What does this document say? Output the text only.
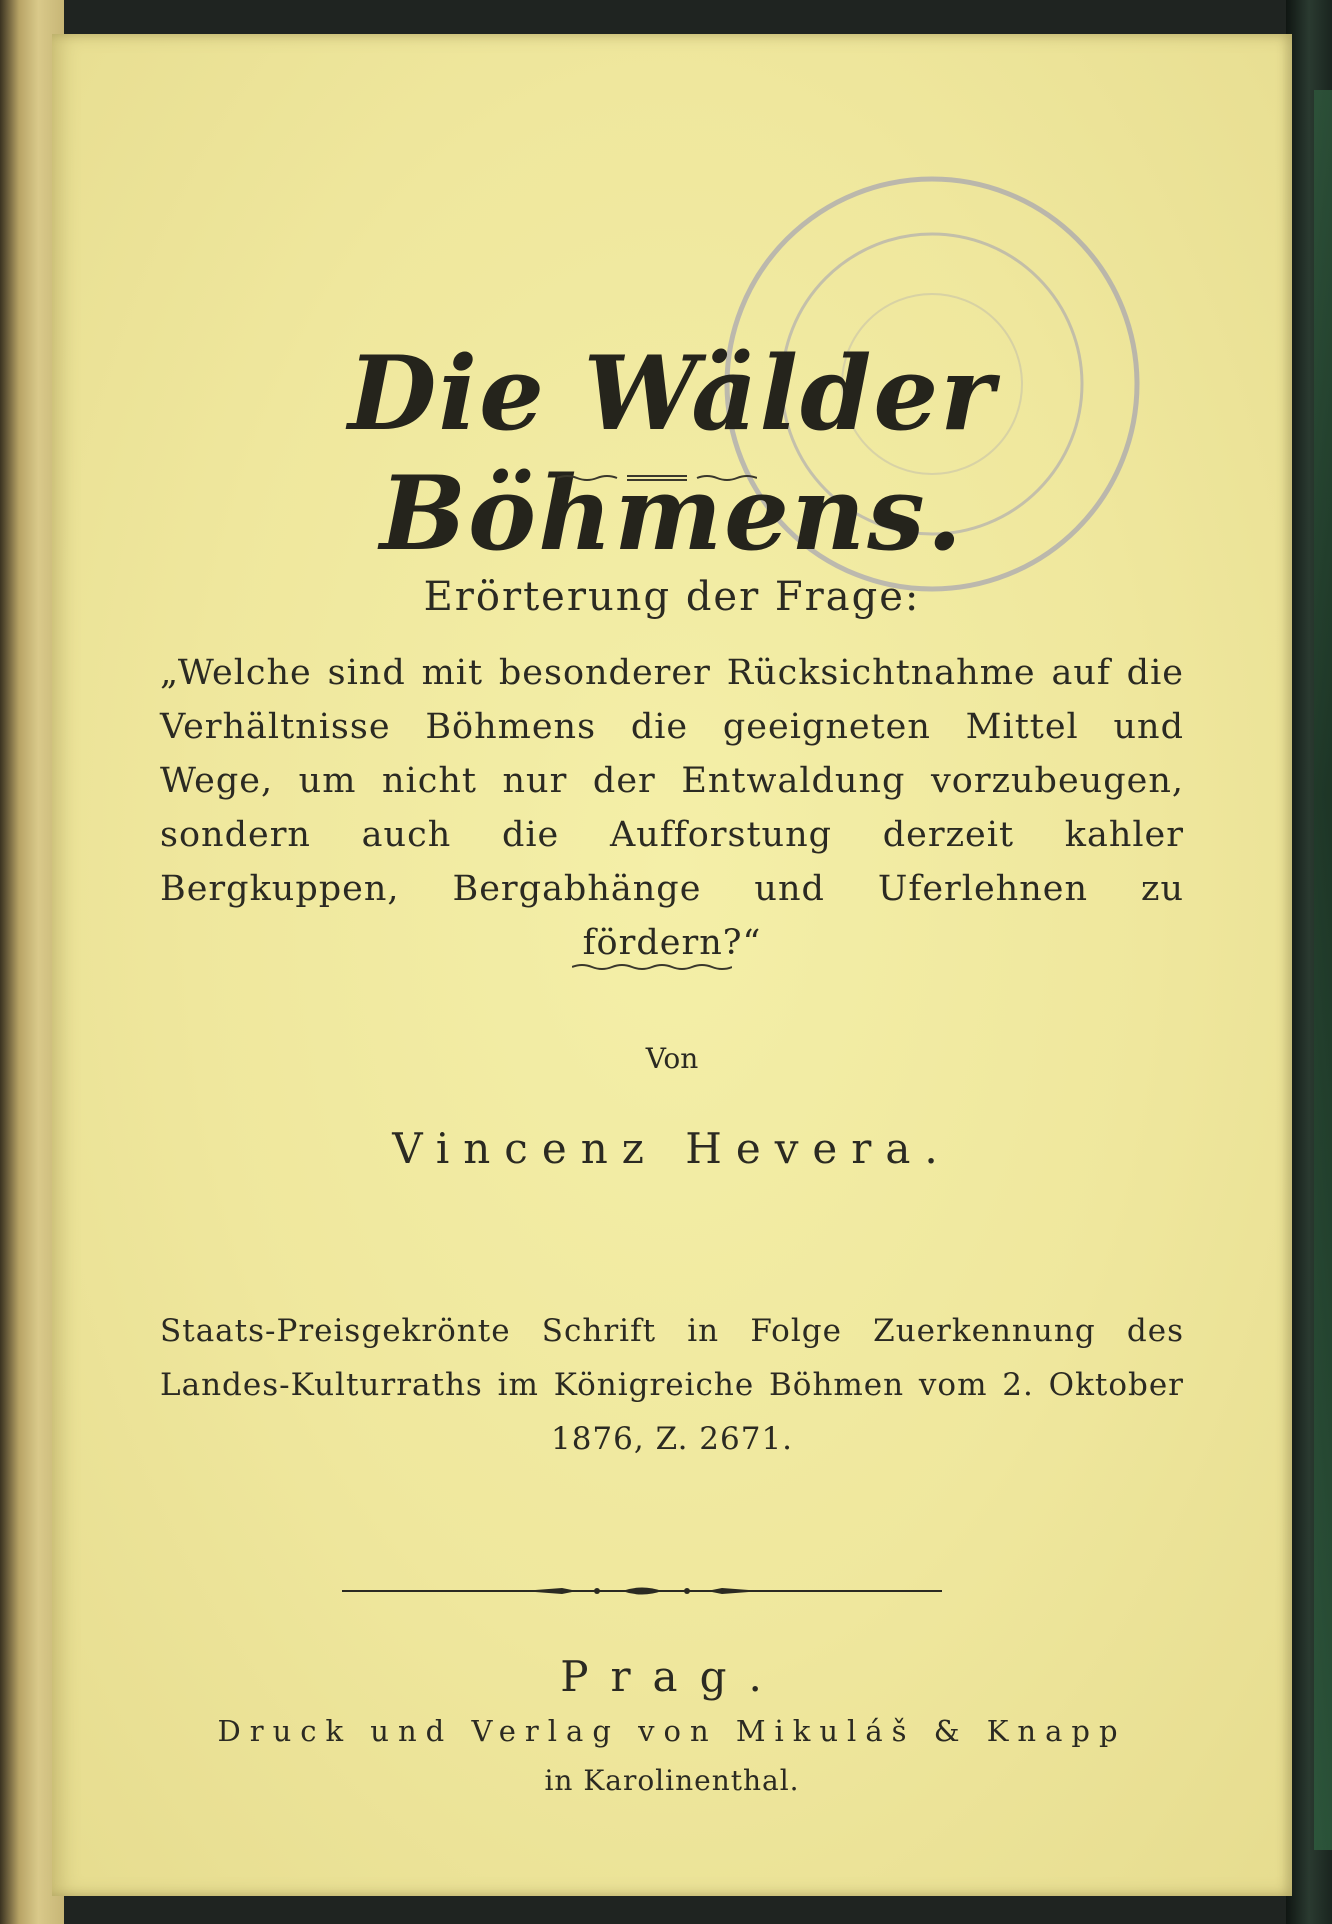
Die Wälder Böhmens.
Erörterung der Frage:
„Welche sind mit besonderer Rücksichtnahme auf die Verhältnisse Böhmens die geeigneten Mittel und Wege, um nicht nur der Entwaldung vorzubeugen, sondern auch die Aufforstung derzeit kahler Bergkuppen, Bergabhänge und Uferlehnen zu fördern?“
Von
Vincenz Hevera.
Staats-Preisgekrönte Schrift in Folge Zuerkennung des Landes-Kulturraths im Königreiche Böhmen vom 2. Oktober 1876, Z. 2671.
Prag.
Druck und Verlag von Mikuláš & Knapp
in Karolinenthal.
